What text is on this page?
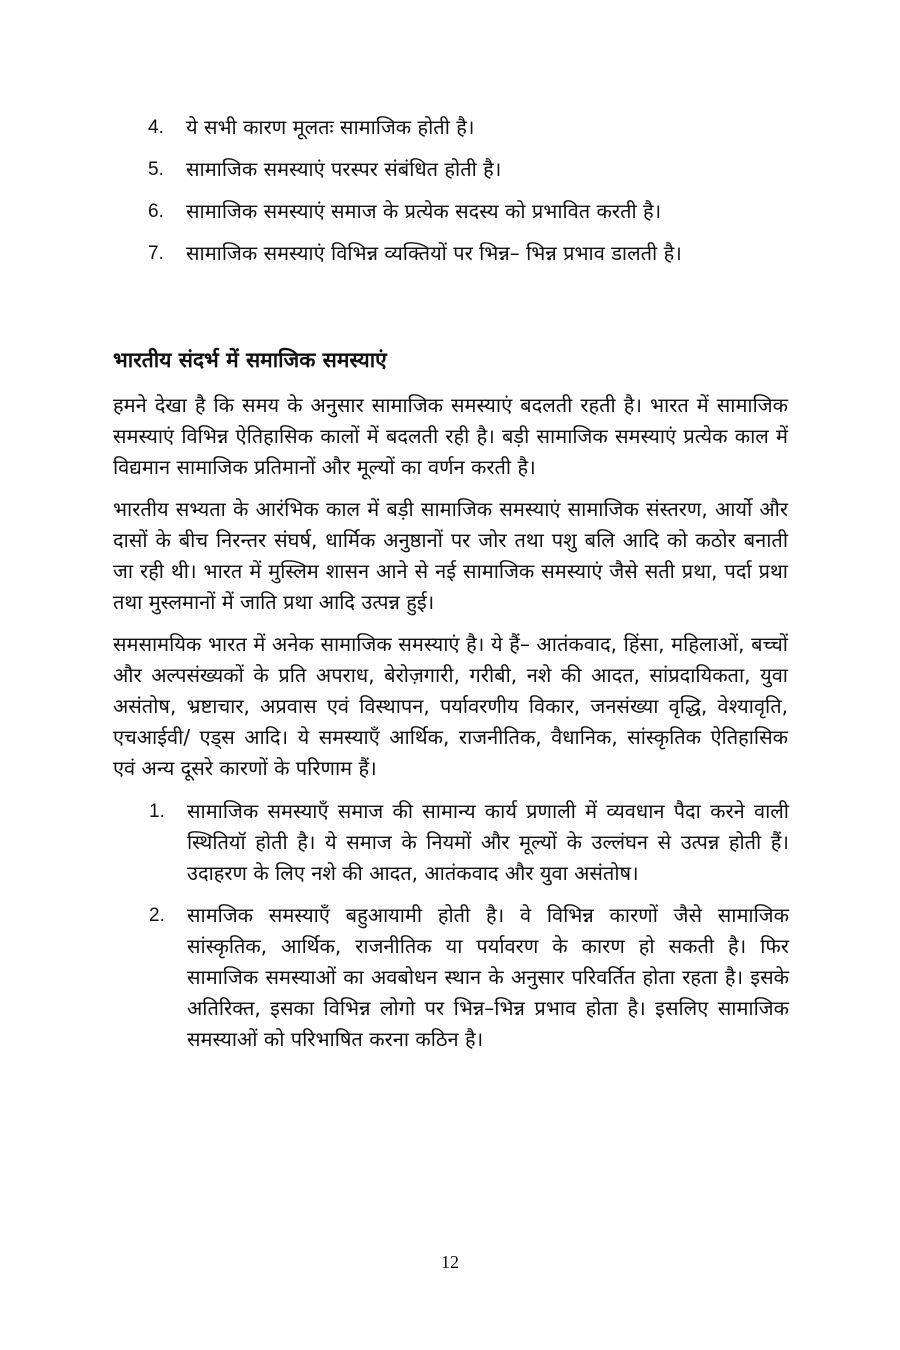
4.	ये सभी कारण मूलतः सामाजिक होती है।
5.	सामाजिक समस्याएं परस्पर संबंधित होती है।
6.	सामाजिक समस्याएं समाज के प्रत्येक सदस्य को प्रभावित करती है।
7.	सामाजिक समस्याएं विभिन्न व्यक्तियों पर भिन्न– भिन्न प्रभाव डालती है।
भारतीय संदर्भ में समाजिक समस्याएं

हमने देखा है कि समय के अनुसार सामाजिक समस्याएं बदलती रहती है। भारत में सामाजिक समस्याएं विभिन्न ऐतिहासिक कालों में बदलती रही है। बड़ी सामाजिक समस्याएं प्रत्येक काल में विद्यमान सामाजिक प्रतिमानों और मूल्यों का वर्णन करती है।

भारतीय सभ्यता के आरंभिक काल में बड़ी सामाजिक समस्याएं सामाजिक संस्तरण, आर्यो और दासों के बीच निरन्तर संघर्ष, धार्मिक अनुष्ठानों पर जोर तथा पशु बलि आदि को कठोर बनाती जा रही थी। भारत में मुस्लिम शासन आने से नई सामाजिक समस्याएं जैसे सती प्रथा, पर्दा प्रथा तथा मुस्लमानों में जाति प्रथा आदि उत्पन्न हुई।

समसामयिक भारत में अनेक सामाजिक समस्याएं है। ये हैं– आतंकवाद, हिंसा, महिलाओं, बच्चों और अल्पसंख्यकों के प्रति अपराध, बेरोज़गारी, गरीबी, नशे की आदत, सांप्रदायिकता, युवा असंतोष, भ्रष्टाचार, अप्रवास एवं विस्थापन, पर्यावरणीय विकार, जनसंख्या वृद्धि, वेश्यावृति, एचआईवी/ एड्स आदि। ये समस्याएँ आर्थिक, राजनीतिक, वैधानिक, सांस्कृतिक ऐतिहासिक एवं अन्य दूसरे कारणों के परिणाम हैं।

1.	सामाजिक समस्याएँ समाज की सामान्य कार्य प्रणाली में व्यवधान पैदा करने वाली स्थितियॉ होती है। ये समाज के नियमों और मूल्यों के उल्लंघन से उत्पन्न होती हैं। उदाहरण के लिए नशे की आदत, आतंकवाद और युवा असंतोष।
2.	सामजिक समस्याएँ बहुआयामी होती है। वे विभिन्न कारणों जैसे सामाजिक सांस्कृतिक, आर्थिक, राजनीतिक या पर्यावरण के कारण हो सकती है। फिर सामाजिक समस्याओं का अवबोधन स्थान के अनुसार परिवर्तित होता रहता है। इसके अतिरिक्त, इसका विभिन्न लोगो पर भिन्न–भिन्न प्रभाव होता है। इसलिए सामाजिक समस्याओं को परिभाषित करना कठिन है।
12
